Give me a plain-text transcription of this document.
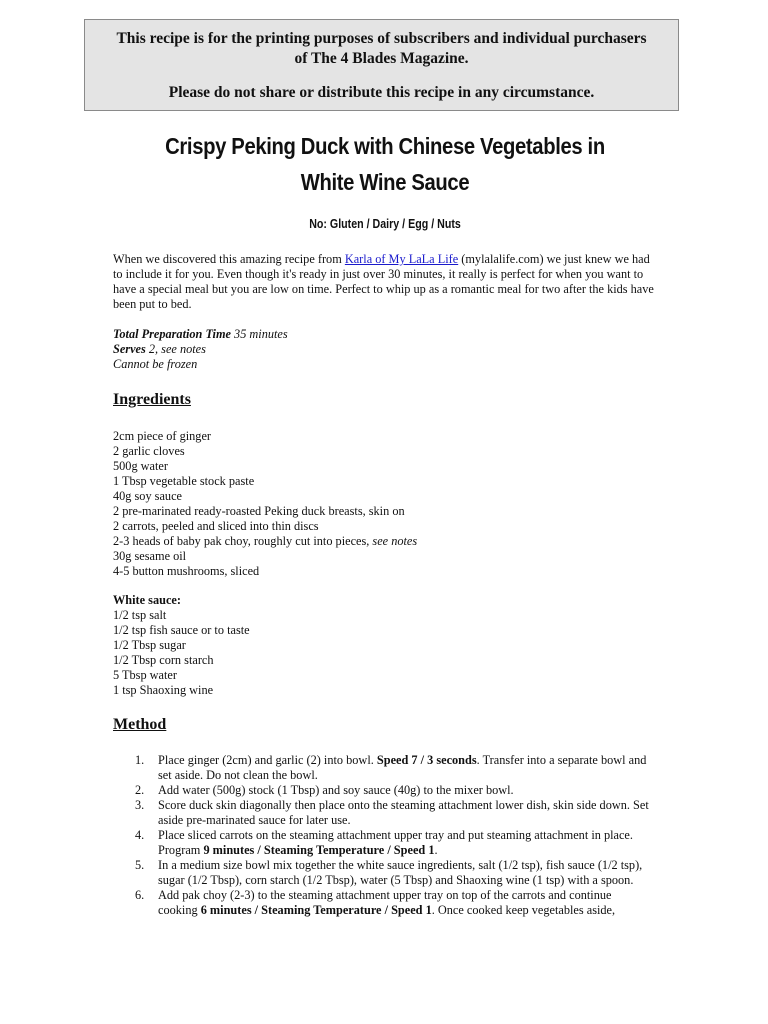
This recipe is for the printing purposes of subscribers and individual purchasers of The 4 Blades Magazine.

Please do not share or distribute this recipe in any circumstance.

Crispy Peking Duck with Chinese Vegetables in White Wine Sauce
No: Gluten / Dairy / Egg / Nuts
When we discovered this amazing recipe from Karla of My LaLa Life (mylalalife.com) we just knew we had to include it for you. Even though it's ready in just over 30 minutes, it really is perfect for when you want to have a special meal but you are low on time. Perfect to whip up as a romantic meal for two after the kids have been put to bed.
Total Preparation Time 35 minutes
Serves 2, see notes
Cannot be frozen
Ingredients
2cm piece of ginger
2 garlic cloves
500g water
1 Tbsp vegetable stock paste
40g soy sauce
2 pre-marinated ready-roasted Peking duck breasts, skin on
2 carrots, peeled and sliced into thin discs
2-3 heads of baby pak choy, roughly cut into pieces, see notes
30g sesame oil
4-5 button mushrooms, sliced
White sauce:
1/2 tsp salt
1/2 tsp fish sauce or to taste
1/2 Tbsp sugar
1/2 Tbsp corn starch
5 Tbsp water
1 tsp Shaoxing wine
Method
1.	Place ginger (2cm) and garlic (2) into bowl. Speed 7 / 3 seconds. Transfer into a separate bowl and set aside. Do not clean the bowl.
2.	Add water (500g) stock (1 Tbsp) and soy sauce (40g) to the mixer bowl.
3.	Score duck skin diagonally then place onto the steaming attachment lower dish, skin side down. Set aside pre-marinated sauce for later use.
4.	Place sliced carrots on the steaming attachment upper tray and put steaming attachment in place. Program 9 minutes / Steaming Temperature / Speed 1.
5.	In a medium size bowl mix together the white sauce ingredients, salt (1/2 tsp), fish sauce (1/2 tsp), sugar (1/2 Tbsp), corn starch (1/2 Tbsp), water (5 Tbsp) and Shaoxing wine (1 tsp) with a spoon.
6.	Add pak choy (2-3) to the steaming attachment upper tray on top of the carrots and continue cooking 6 minutes / Steaming Temperature / Speed 1. Once cooked keep vegetables aside,
